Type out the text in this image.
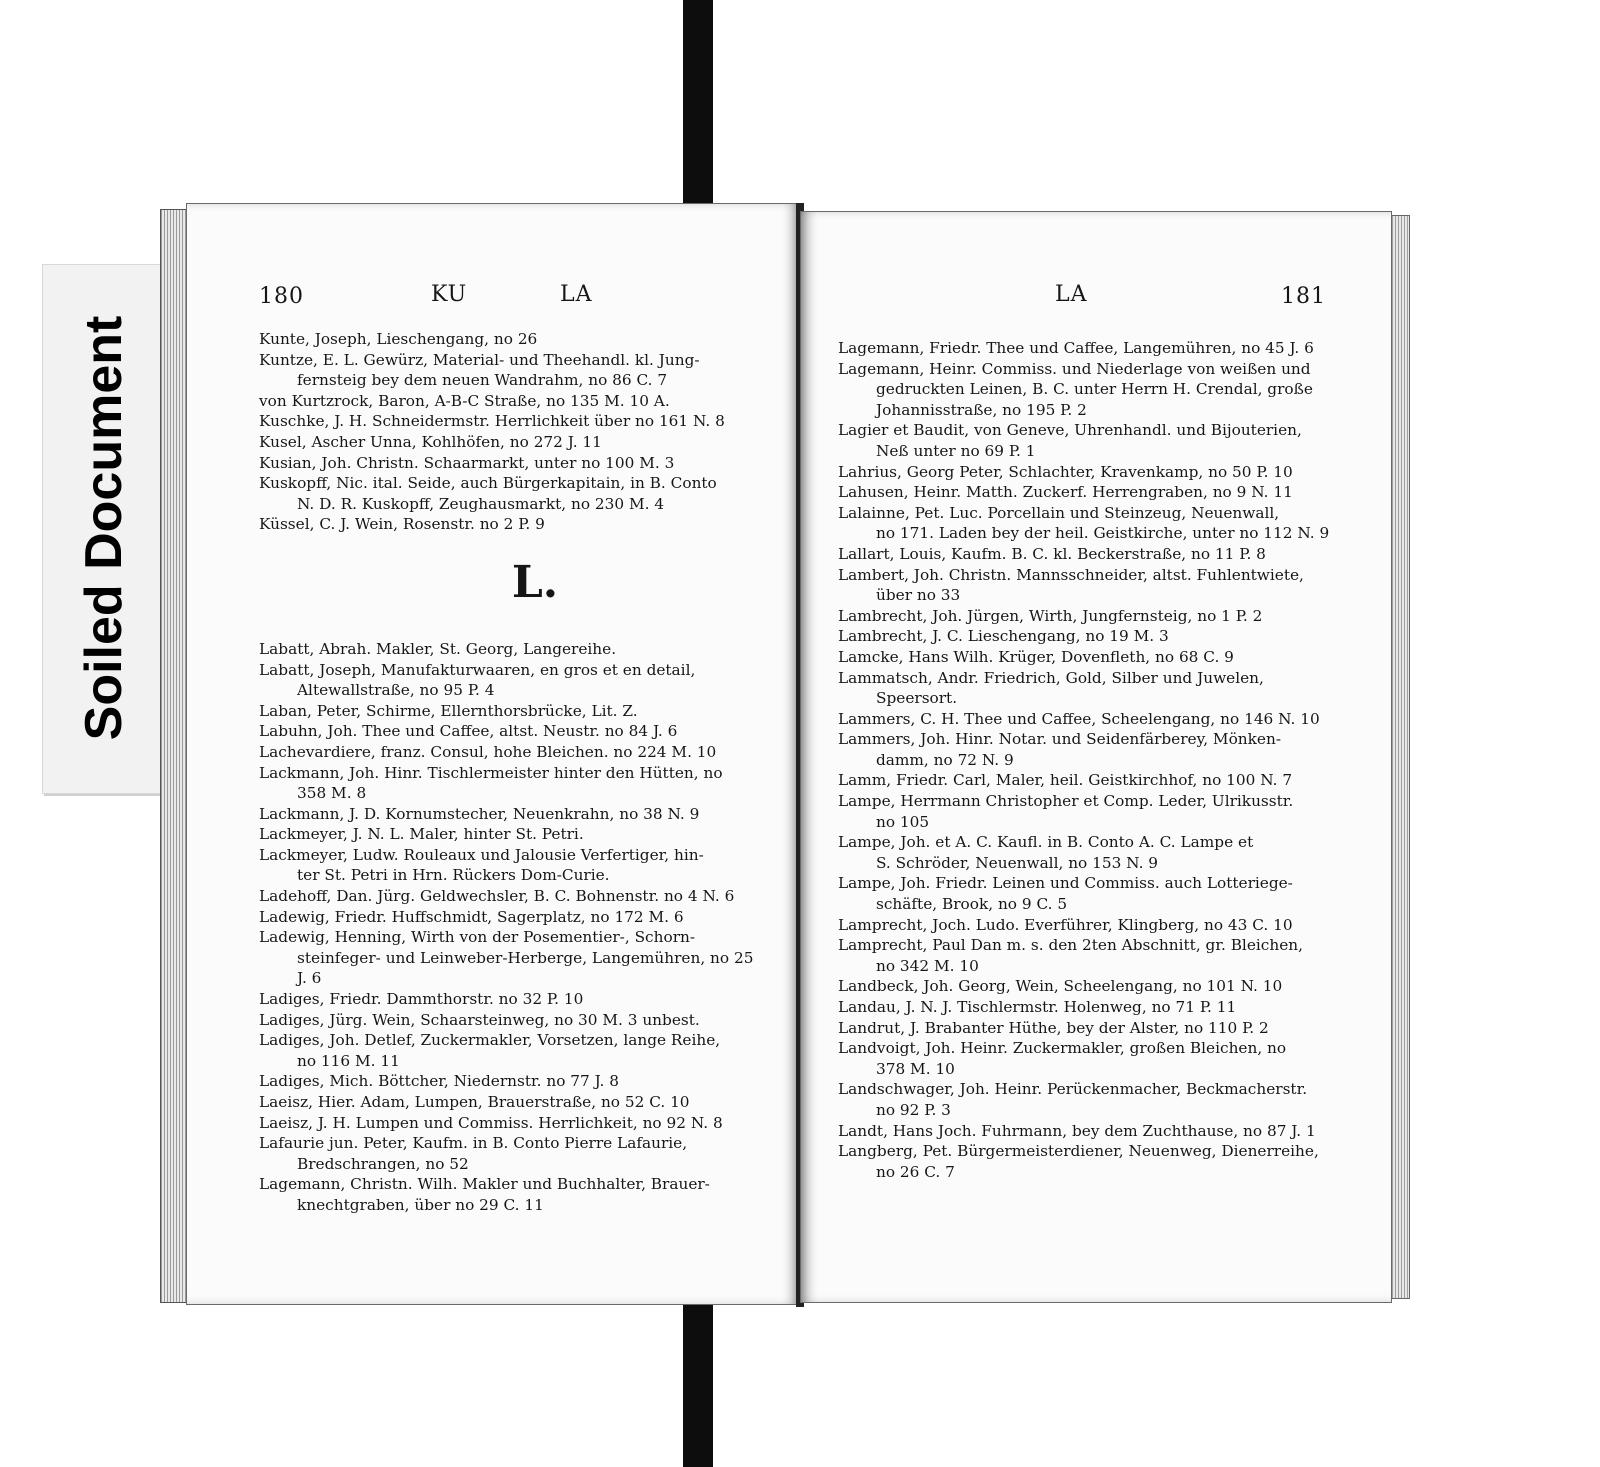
Soiled Document
180	KU	LA
Kunte, Joseph, Lieschengang, no 26
Kuntze, E. L. Gewürz, Material- und Theehandl. kl. Jung-
fernsteig bey dem neuen Wandrahm, no 86 C. 7
von Kurtzrock, Baron, A-B-C Straße, no 135 M. 10 A.
Kuschke, J. H. Schneidermstr. Herrlichkeit über no 161 N. 8
Kusel, Ascher Unna, Kohlhöfen, no 272 J. 11
Kusian, Joh. Christn. Schaarmarkt, unter no 100 M. 3
Kuskopff, Nic. ital. Seide, auch Bürgerkapitain, in B. Conto
N. D. R. Kuskopff, Zeughausmarkt, no 230 M. 4
Küssel, C. J. Wein, Rosenstr. no 2 P. 9
L.
Labatt, Abrah. Makler, St. Georg, Langereihe.
Labatt, Joseph, Manufakturwaaren, en gros et en detail,
Altewallstraße, no 95 P. 4
Laban, Peter, Schirme, Ellernthorsbrücke, Lit. Z.
Labuhn, Joh. Thee und Caffee, altst. Neustr. no 84 J. 6
Lachevardiere, franz. Consul, hohe Bleichen. no 224 M. 10
Lackmann, Joh. Hinr. Tischlermeister hinter den Hütten, no
358 M. 8
Lackmann, J. D. Kornumstecher, Neuenkrahn, no 38 N. 9
Lackmeyer, J. N. L. Maler, hinter St. Petri.
Lackmeyer, Ludw. Rouleaux und Jalousie Verfertiger, hin-
ter St. Petri in Hrn. Rückers Dom-Curie.
Ladehoff, Dan. Jürg. Geldwechsler, B. C. Bohnenstr. no 4 N. 6
Ladewig, Friedr. Huffschmidt, Sagerplatz, no 172 M. 6
Ladewig, Henning, Wirth von der Posementier-, Schorn-
steinfeger- und Leinweber-Herberge, Langemühren, no 25
J. 6
Ladiges, Friedr. Dammthorstr. no 32 P. 10
Ladiges, Jürg. Wein, Schaarsteinweg, no 30 M. 3 unbest.
Ladiges, Joh. Detlef, Zuckermakler, Vorsetzen, lange Reihe,
no 116 M. 11
Ladiges, Mich. Böttcher, Niedernstr. no 77 J. 8
Laeisz, Hier. Adam, Lumpen, Brauerstraße, no 52 C. 10
Laeisz, J. H. Lumpen und Commiss. Herrlichkeit, no 92 N. 8
Lafaurie jun. Peter, Kaufm. in B. Conto Pierre Lafaurie,
Bredschrangen, no 52
Lagemann, Christn. Wilh. Makler und Buchhalter, Brauer-
knechtgraben, über no 29 C. 11
LA	181
Lagemann, Friedr. Thee und Caffee, Langemühren, no 45 J. 6
Lagemann, Heinr. Commiss. und Niederlage von weißen und
gedruckten Leinen, B. C. unter Herrn H. Crendal, große
Johannisstraße, no 195 P. 2
Lagier et Baudit, von Geneve, Uhrenhandl. und Bijouterien,
Neß unter no 69 P. 1
Lahrius, Georg Peter, Schlachter, Kravenkamp, no 50 P. 10
Lahusen, Heinr. Matth. Zuckerf. Herrengraben, no 9 N. 11
Lalainne, Pet. Luc. Porcellain und Steinzeug, Neuenwall,
no 171. Laden bey der heil. Geistkirche, unter no 112 N. 9
Lallart, Louis, Kaufm. B. C. kl. Beckerstraße, no 11 P. 8
Lambert, Joh. Christn. Mannsschneider, altst. Fuhlentwiete,
über no 33
Lambrecht, Joh. Jürgen, Wirth, Jungfernsteig, no 1 P. 2
Lambrecht, J. C. Lieschengang, no 19 M. 3
Lamcke, Hans Wilh. Krüger, Dovenfleth, no 68 C. 9
Lammatsch, Andr. Friedrich, Gold, Silber und Juwelen,
Speersort.
Lammers, C. H. Thee und Caffee, Scheelengang, no 146 N. 10
Lammers, Joh. Hinr. Notar. und Seidenfärberey, Mönken-
damm, no 72 N. 9
Lamm, Friedr. Carl, Maler, heil. Geistkirchhof, no 100 N. 7
Lampe, Herrmann Christopher et Comp. Leder, Ulrikusstr.
no 105
Lampe, Joh. et A. C. Kaufl. in B. Conto A. C. Lampe et
S. Schröder, Neuenwall, no 153 N. 9
Lampe, Joh. Friedr. Leinen und Commiss. auch Lotteriege-
schäfte, Brook, no 9 C. 5
Lamprecht, Joch. Ludo. Everführer, Klingberg, no 43 C. 10
Lamprecht, Paul Dan m. s. den 2ten Abschnitt, gr. Bleichen,
no 342 M. 10
Landbeck, Joh. Georg, Wein, Scheelengang, no 101 N. 10
Landau, J. N. J. Tischlermstr. Holenweg, no 71 P. 11
Landrut, J. Brabanter Hüthe, bey der Alster, no 110 P. 2
Landvoigt, Joh. Heinr. Zuckermakler, großen Bleichen, no
378 M. 10
Landschwager, Joh. Heinr. Perückenmacher, Beckmacherstr.
no 92 P. 3
Landt, Hans Joch. Fuhrmann, bey dem Zuchthause, no 87 J. 1
Langberg, Pet. Bürgermeisterdiener, Neuenweg, Dienerreihe,
no 26 C. 7
